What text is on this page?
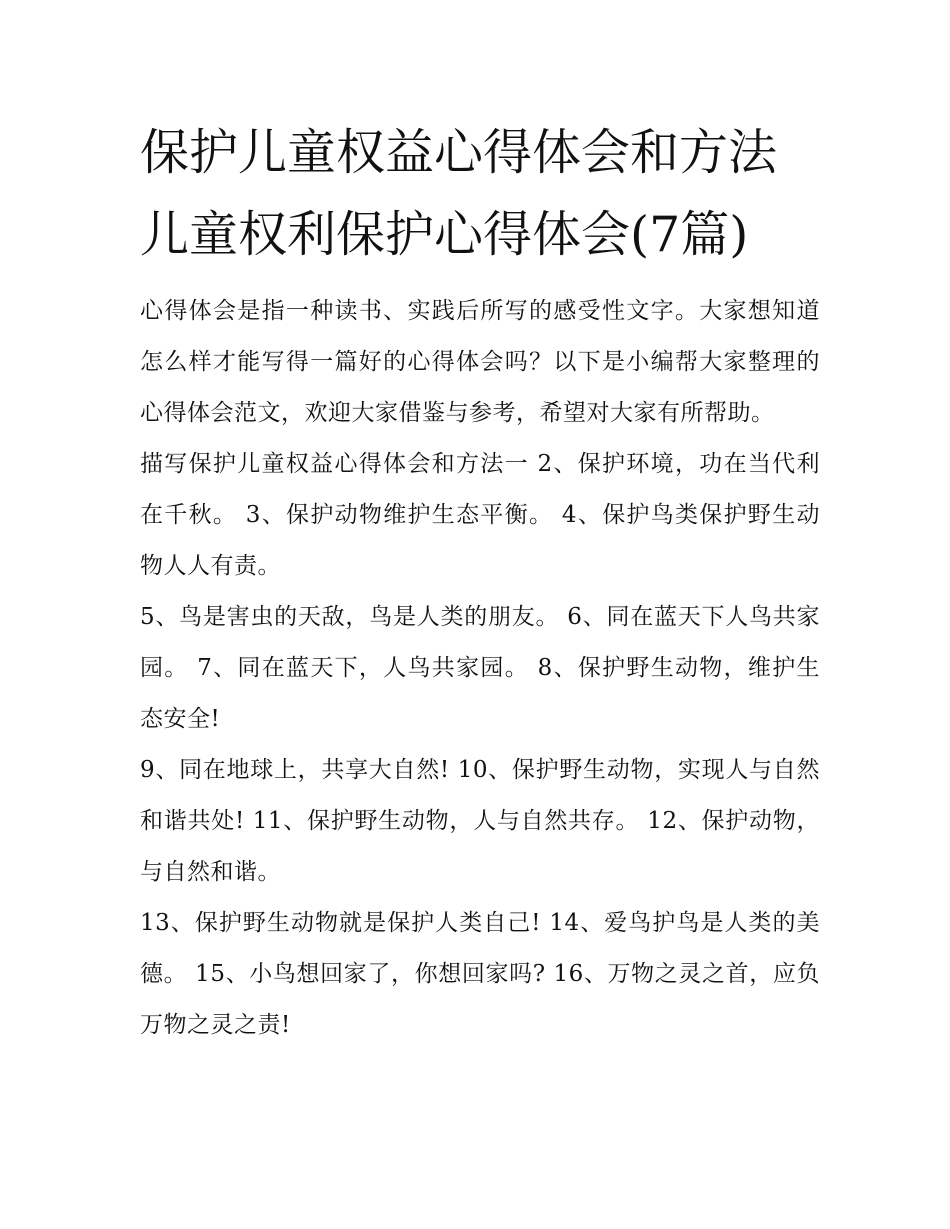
保护儿童权益心得体会和方法
儿童权利保护心得体会(7篇)

心得体会是指一种读书、实践后所写的感受性文字。大家想知道怎么样才能写得一篇好的心得体会吗？以下是小编帮大家整理的心得体会范文，欢迎大家借鉴与参考，希望对大家有所帮助。

描写保护儿童权益心得体会和方法一 2、保护环境，功在当代利在千秋。 3、保护动物维护生态平衡。 4、保护鸟类保护野生动物人人有责。

5、鸟是害虫的天敌，鸟是人类的朋友。 6、同在蓝天下人鸟共家园。 7、同在蓝天下，人鸟共家园。 8、保护野生动物，维护生态安全!

9、同在地球上，共享大自然! 10、保护野生动物，实现人与自然和谐共处! 11、保护野生动物，人与自然共存。 12、保护动物，与自然和谐。

13、保护野生动物就是保护人类自己! 14、爱鸟护鸟是人类的美德。 15、小鸟想回家了，你想回家吗? 16、万物之灵之首，应负万物之灵之责!
